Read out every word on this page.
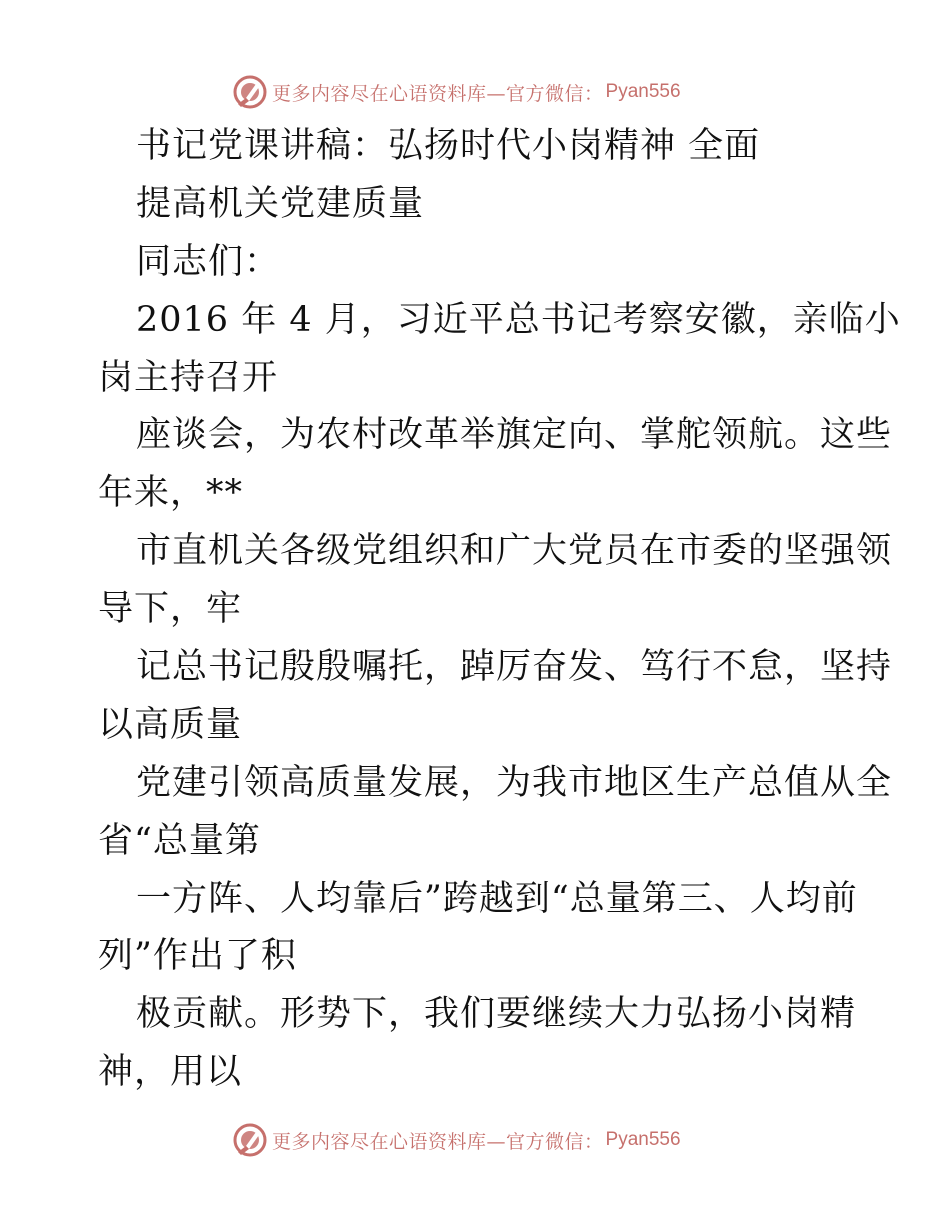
更多内容尽在心语资料库—官方微信： Pyan556
书记党课讲稿：弘扬时代小岗精神 全面
提高机关党建质量
同志们：
2016 年 4 月，习近平总书记考察安徽，亲临小
岗主持召开
座谈会，为农村改革举旗定向、掌舵领航。这些
年来，**
市直机关各级党组织和广大党员在市委的坚强领
导下，牢
记总书记殷殷嘱托，踔厉奋发、笃行不怠，坚持
以高质量
党建引领高质量发展，为我市地区生产总值从全
省“总量第
一方阵、人均靠后”跨越到“总量第三、人均前
列”作出了积
极贡献。形势下，我们要继续大力弘扬小岗精
神，用以
更多内容尽在心语资料库—官方微信： Pyan556
